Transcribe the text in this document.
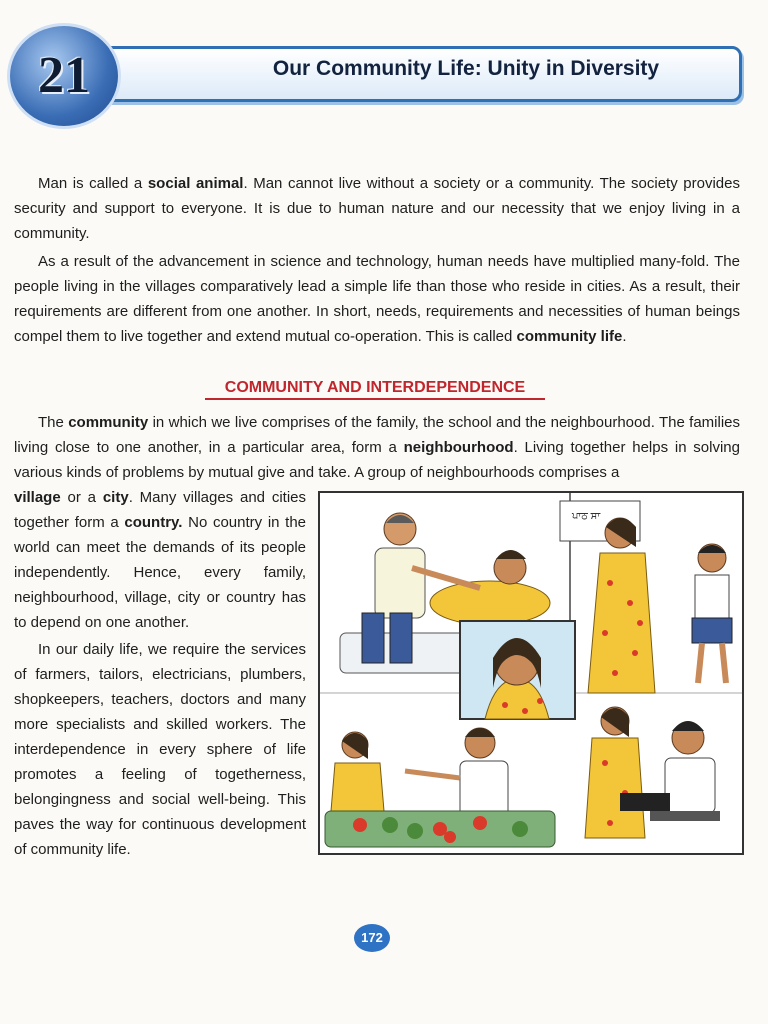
Our Community Life: Unity in Diversity
21
Man is called a social animal. Man cannot live without a society or a community. The society provides security and support to everyone. It is due to human nature and our necessity that we enjoy living in a community.
As a result of the advancement in science and technology, human needs have multiplied many-fold. The people living in the villages comparatively lead a simple life than those who reside in cities. As a result, their requirements are different from one another. In short, needs, requirements and necessities of human beings compel them to live together and extend mutual co-operation. This is called community life.
COMMUNITY AND INTERDEPENDENCE
The community in which we live comprises of the family, the school and the neighbourhood. The families living close to one another, in a particular area, form a neighbourhood. Living together helps in solving various kinds of problems by mutual give and take. A group of neighbourhoods comprises a
village or a city. Many villages and cities together form a country. No country in the world can meet the demands of its people independently. Hence, every family, neighbourhood, village, city or country has to depend on one another.
In our daily life, we require the services of farmers, tailors, electricians, plumbers, shopkeepers, teachers, doctors and many more specialists and skilled workers. The interdependence in every sphere of life promotes a feeling of togetherness, belongingness and social well-being. This paves the way for continuous development of community life.
ਪਾਠ ਸਾ
172
